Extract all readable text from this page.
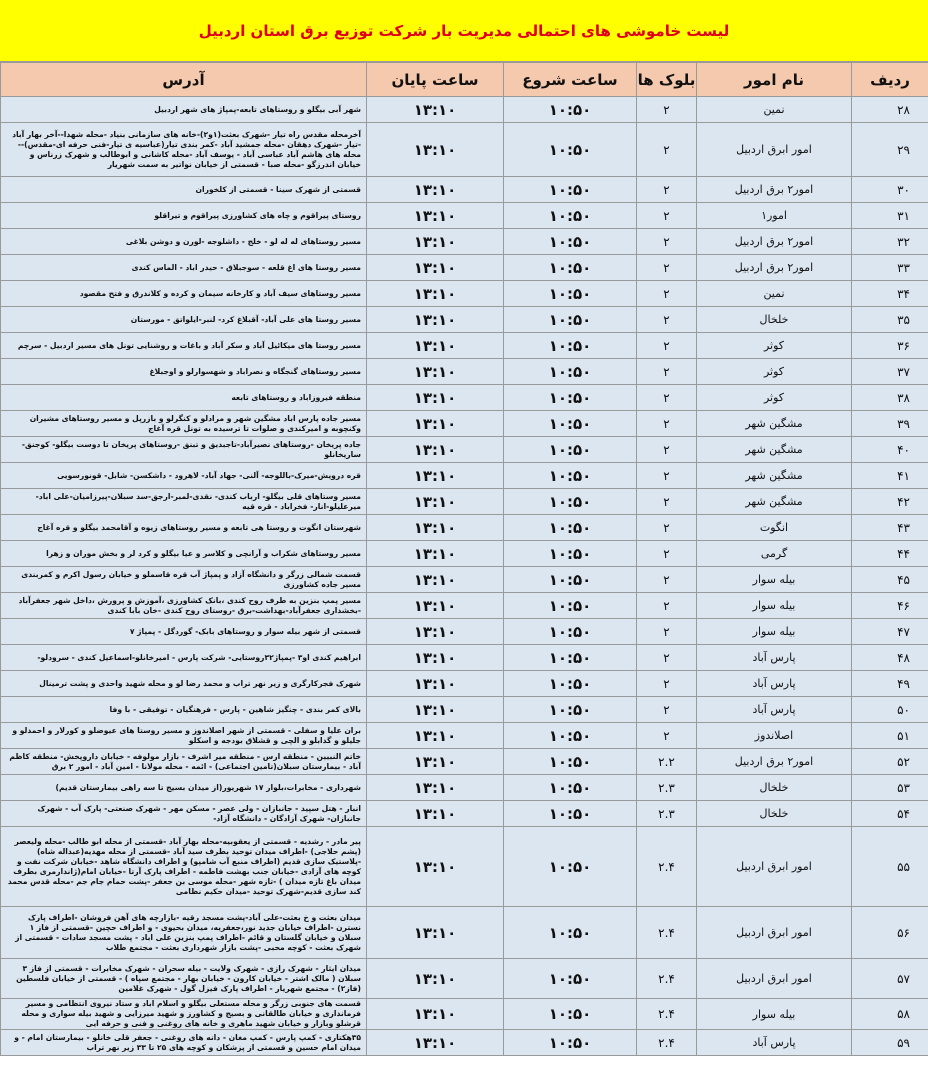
لیست خاموشی های احتمالی مدیریت بار شرکت توزیع برق استان اردبیل
ردیف	نام امور	بلوک ها	ساعت شروع	ساعت پایان	آدرس
۲۸	نمین	۲	۱۰:۵۰	۱۳:۱۰	شهر آبی بیگلو و روستاهای تابعه-پمپاژ های شهر اردبیل
۲۹	امور ابرق اردبیل	۲	۱۰:۵۰	۱۳:۱۰	آخرمحله مقدس راه تیار -شهرک بعثت(۱و۲)-خانه های سازمانی بنیاد -محله شهدا--آخر بهار آباد -تیار -شهرک دهقان -محله جمشید آباد -کمر بندی تیار(عباسیه ی تیار-فنی حرفه ای-مقدس)--محله های هاشم آباد عباسی آباد - یوسف آباد -محله کاشانی و ابوطالب و شهرک زرناس و خیابان اندرزگو -محله صبا - قسمتی از خیابان نواتیر به سمت شهریار
۳۰	امور۲ برق اردبیل	۲	۱۰:۵۰	۱۳:۱۰	قسمتی از شهرک سینا - قسمتی از کلخوران
۳۱	امور۱	۲	۱۰:۵۰	۱۳:۱۰	روستای پیراقوم و چاه های کشاورزی پیراقوم و تیراقلو
۳۲	امور۲ برق اردبیل	۲	۱۰:۵۰	۱۳:۱۰	مسیر روستاهای له له لو - خلج - داشلوجه -لورن و دوشن بلاغی
۳۳	امور۲ برق اردبیل	۲	۱۰:۵۰	۱۳:۱۰	مسیر روستا های اغ قلعه - سوجبلاق - حیدر اباد - الماس کندی
۳۴	نمین	۲	۱۰:۵۰	۱۳:۱۰	مسیر روستاهای سیف آباد و کارخانه سیمان و کرده و کلاندرق و فتح مقصود
۳۵	خلخال	۲	۱۰:۵۰	۱۳:۱۰	مسیر روستا های علی آباد- آقبلاغ کرد- لنبر-ایلواتق - مورستان
۳۶	کوثر	۲	۱۰:۵۰	۱۳:۱۰	مسیر روستا های میکائیل آباد و سکر آباد و باغات و روشنایی تونل های مسیر اردبیل - سرچم
۳۷	کوثر	۲	۱۰:۵۰	۱۳:۱۰	مسیر روستاهای گنجگاه و نصراباد و شهسوارلو و اوجبلاغ
۳۸	کوثر	۲	۱۰:۵۰	۱۳:۱۰	منطقه فیروزاباد و روستاهای تابعه
۳۹	مشگین شهر	۲	۱۰:۵۰	۱۳:۱۰	مسیر جاده پارس اباد مشگین شهر و مرادلو و کنگرلو و بازرپل و مسیر روستاهای مشیران وکنچوبه و امیرکندی و صلوات تا ترسیده به تونل قره آغاج
۴۰	مشگین شهر	۲	۱۰:۵۰	۱۳:۱۰	جاده پریخان -روستاهای نصیرآباد-تاجبدیق و تبنق -روستاهای پریخان تا دوست بیگلو- کوجنق- ساریخانلو
۴۱	مشگین شهر	۲	۱۰:۵۰	۱۳:۱۰	قره درویش-میرک-باللوجه- آلنی- جهاد آباد- لاهرود - داشکسن- شابل- قونورسویی
۴۲	مشگین شهر	۲	۱۰:۵۰	۱۳:۱۰	مسیر وستاهای قلی بیگلو- ارباب کندی- نقدی-لمبر-ارجق-سد سبلان-پیرزامیان-علی اباد-میرعلیلو-انار- فخراباد - قره قیه
۴۳	انگوت	۲	۱۰:۵۰	۱۳:۱۰	شهرستان انگوت و روستا هی تابعه و مسیر روستاهای زیوه و آقامحمد بیگلو و قره آغاج
۴۴	گرمی	۲	۱۰:۵۰	۱۳:۱۰	مسیر روستاهای شکراب و آرانچی و کلاسر و عیا بیگلو و کرد لر و بخش موران و زهرا
۴۵	بیله سوار	۲	۱۰:۵۰	۱۳:۱۰	قسمت شمالی زرگر و دانشگاه آزاد و پمپاژ آب قره قاسملو و خیابان رسول اکرم و کمربندی مسیر جاده کشاورزی
۴۶	بیله سوار	۲	۱۰:۵۰	۱۳:۱۰	مسیر پمپ بنزین به طرف روح کندی ،بانک کشاورزی ،آموزش و پرورش ،داخل شهر جعفرآباد -بخشداری جعفرآباد-بهداشت-برق -روستای روح کندی -خان بابا کندی
۴۷	بیله سوار	۲	۱۰:۵۰	۱۳:۱۰	قسمتی از شهر بیله سوار و روستاهای بابک- گوردگل - پمپاژ ۷
۴۸	پارس آباد	۲	۱۰:۵۰	۱۳:۱۰	ابراهیم کندی او۳ -پمپاژ۳۲روستایی- شرکت پارس - امیرخانلو-اسماعیل کندی - سرودلو-
۴۹	پارس آباد	۲	۱۰:۵۰	۱۳:۱۰	شهرک فجرکارگری و زیر نهر تراب و محمد رضا لو و محله شهید واحدی و پشت ترمینال
۵۰	پارس آباد	۲	۱۰:۵۰	۱۳:۱۰	بالای کمر بندی - چنگیز شاهین - پارس - فرهنگیان - توفیقی - با وفا
۵۱	اصلاندوز	۲	۱۰:۵۰	۱۳:۱۰	بران علیا و سفلی - قسمتی از شهر اصلاندوز و مسیر روستا های عیوضلو و کورلار و احمدلو و جلیلو و گدابلو و الچی و قشلاق بودجه و اسکلو
۵۲	امور۲ برق اردبیل	۲.۲	۱۰:۵۰	۱۳:۱۰	خاتم النبیین - منطقه ارس - منطقه میر اشرف - بازار مولوفه - خیابان داروپخش- منطقه کاظم آباد - بیمارستان سبلان(تامین اجتماعی) - ائمه - محله مولانا - امین آباد - امور ۲ برق
۵۳	خلخال	۲.۳	۱۰:۵۰	۱۳:۱۰	شهرداری - مخابرات،بلوار ۱۷ شهریور(از میدان بسیج تا سه راهی بیمارستان قدیم)
۵۴	خلخال	۲.۳	۱۰:۵۰	۱۳:۱۰	انبار - هتل سپید - جانبازان - ولی عصر - مسکن مهر - شهرک صنعتی- پارک آب - شهرک جانبازان- شهرک آزادگان - دانشگاه آزاد-
۵۵	امور ابرق اردبیل	۲.۴	۱۰:۵۰	۱۳:۱۰	پیر مادر - رشدیه - قسمتی از یعقوبیه-محله بهار آباد -قسمتی از محله ابو طالب -محله ولیعصر (پشم حلاجی) -اطراف میدان توحید بطرف سید آباد -قسمتی از محله مهدیه(عبداله شاه) -پلاستیک سازی قدیم (اطراف منبع آب شامپو) و اطراف دانشگاه شاهد -خیابان شرکت نفت و کوچه های آزادی -خیابان جنب بهشت فاطمه - اطراف پارک آرتا -خیابان امام(ژاندارمری بطرف میدان باغ تازه میدان ) -تازه شهر -محله موسی بن جعفر -پشت حمام جام جم -محله قدس محمد کند سازی قدیم-شهرک توحید -میدان حکیم نظامی
۵۶	امور ابرق اردبیل	۲.۴	۱۰:۵۰	۱۳:۱۰	میدان بعثت و خ بعثت-علی آباد-پشت مسجد رقیه -بازارچه های آهن فروشان -اطراف پارک نسترن -اطراف خیابان جدید نور،جعفریه، میدان بحیوی - و اطراف حچین -قسمتی از فاز ۱ سبلان و خیابان گلستان و قائم -اطراف پمپ بنزین علی اباد - پشت مسجد سادات - قسمتی از شهرک بعثت - کوچه محبی -پشت بازار شهرداری بعثت - مجتمع طلاب
۵۷	امور ابرق اردبیل	۲.۴	۱۰:۵۰	۱۳:۱۰	میدان ایثار - شهرک رازی - شهرک ولایت - بیله سحران - شهرک مخابرات - قسمتی از فاز ۳ سبلان ( مالک اشتر - خیابان کارون - خیابان بهار - مجتمع سپاه ) - قسمتی از خیابان فلسطین (فاز۲) - مجتمع شهریار - اطراف پارک فیزل گول - شهرک غلامین
۵۸	بیله سوار	۲.۴	۱۰:۵۰	۱۳:۱۰	قسمت های جنوبی زرگر و محله مستعلی بیگلو و اسلام اباد و ستاد نیروی انتظامی و مسیر فرمانداری و خیابان طالقانی و بسیج و کشاورز و شهید میرزایی و شهید بیله سواری و محله قرشلو وبازار و خیابان شهید ماهری و خانه های روغنی و فنی و حرفه ایی
۵۹	پارس آباد	۲.۴	۱۰:۵۰	۱۳:۱۰	۳۵هکتاری - کمپ پارس - کمپ مغان - دانه های روغنی - جعفر قلی خانلو - بیمارستان امام - و میدان امام حسین و قسمتی از پزشکان و کوچه های ۲۵ تا ۳۳ زیر نهر تراب
